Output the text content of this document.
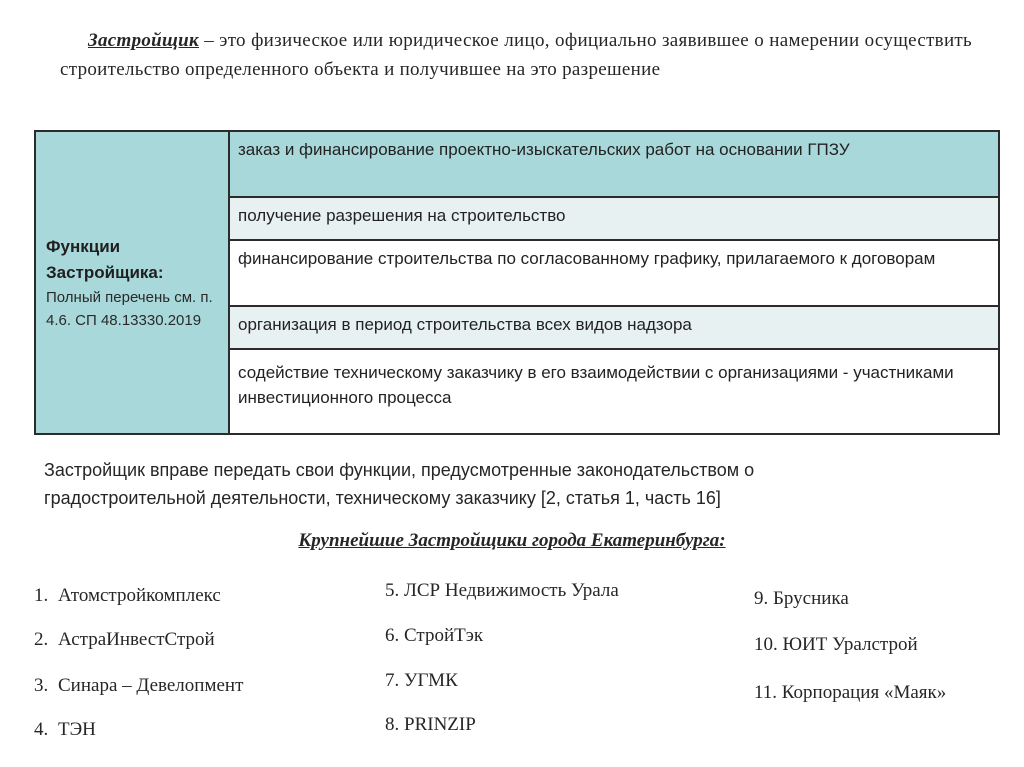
Застройщик – это физическое или юридическое лицо, официально заявившее о намерении осуществить строительство определенного объекта и получившее на это разрешение
Функции Застройщика:
Полный перечень см. п. 4.6. СП 48.13330.2019
заказ и финансирование проектно-изыскательских работ на основании ГПЗУ
получение разрешения на строительство
финансирование строительства по согласованному графику, прилагаемого к договорам
организация в период строительства всех видов надзора
содействие техническому заказчику в его взаимодействии с организациями - участниками инвестиционного процесса
Застройщик вправе передать свои функции, предусмотренные законодательством о градостроительной деятельности, техническому заказчику [2, статья 1, часть 16]
Крупнейшие Застройщики города Екатеринбурга:
1. Атомстройкомплекс
2. АстраИнвестСтрой
3. Синара – Девелопмент
4. ТЭН
5. ЛСР Недвижимость Урала
6. СтройТэк
7. УГМК
8. PRINZIP
9. Брусника
10. ЮИТ Уралстрой
11. Корпорация «Маяк»
